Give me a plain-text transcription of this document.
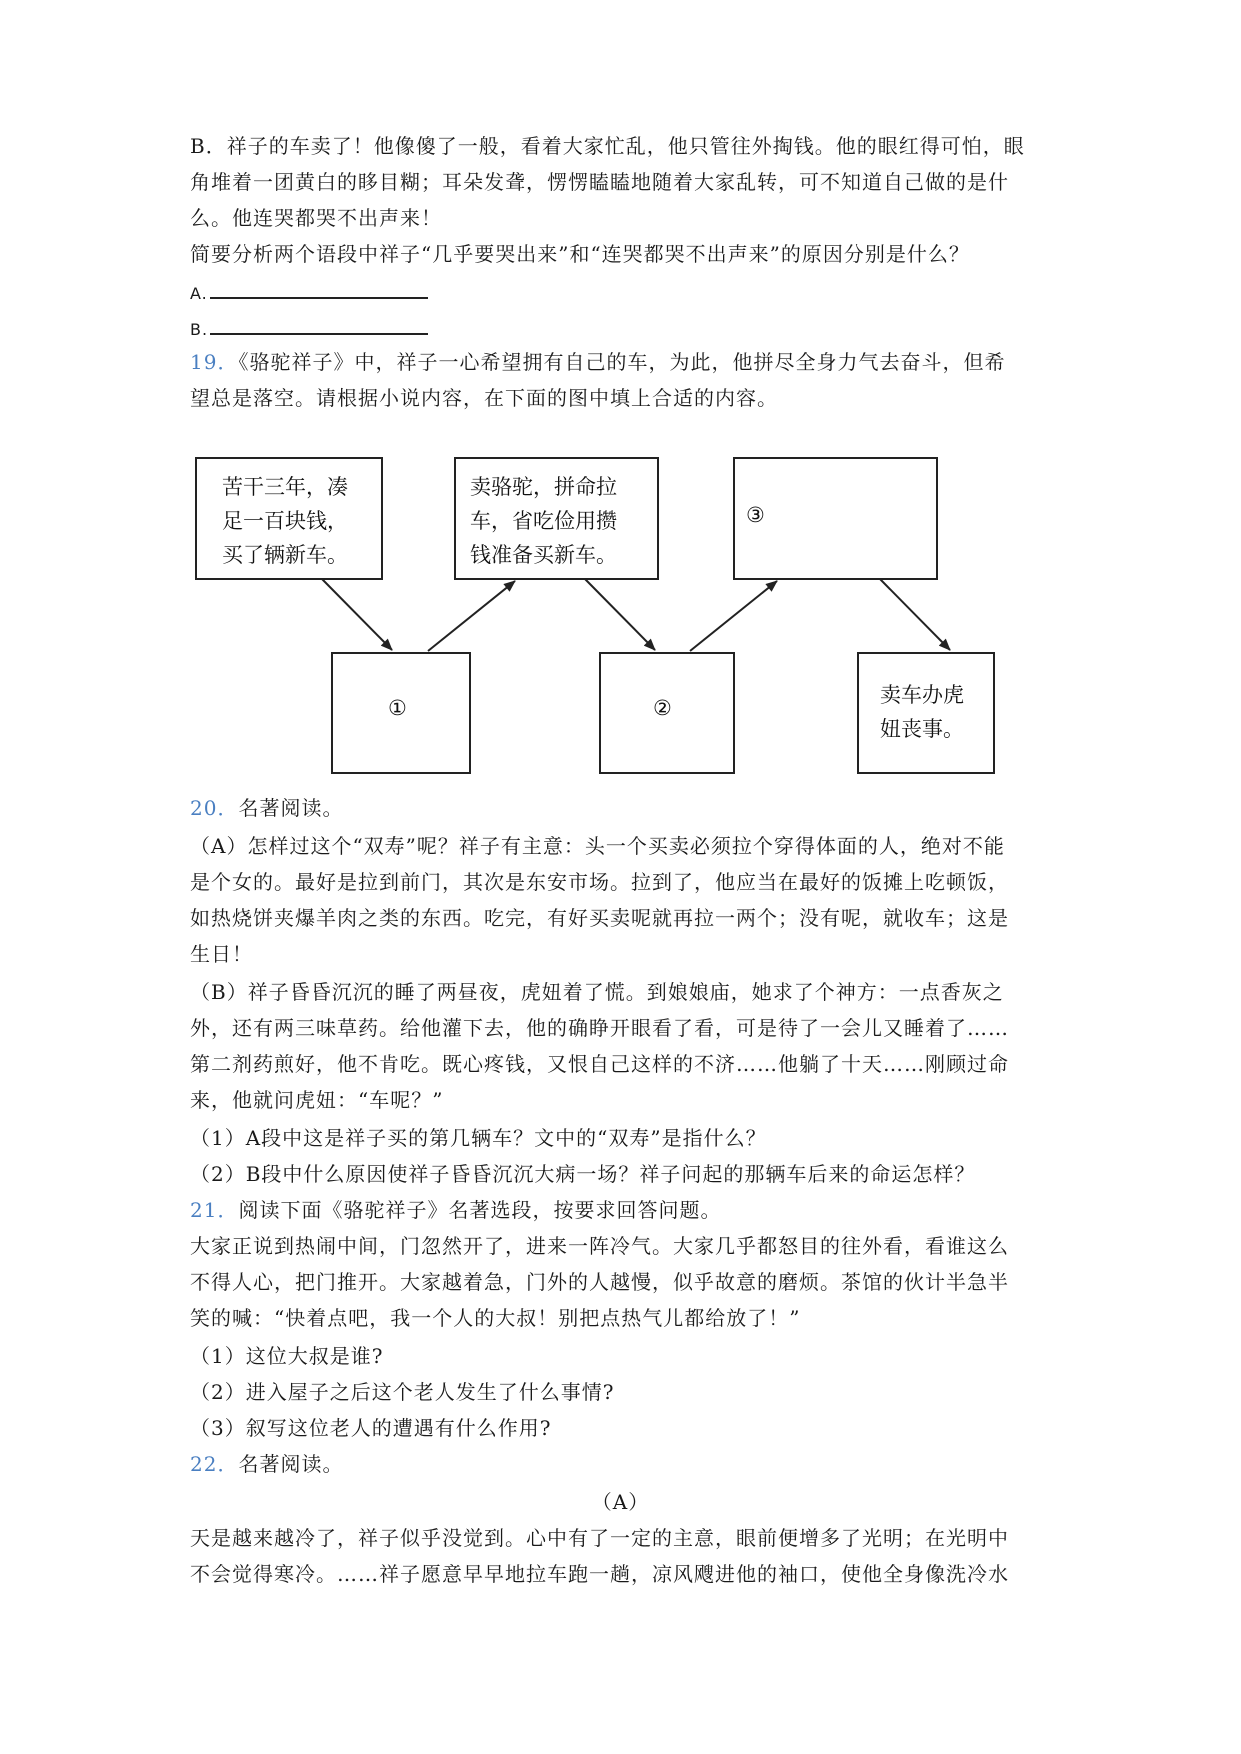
B．祥子的车卖了！他像傻了一般，看着大家忙乱，他只管往外掏钱。他的眼红得可怕，眼
角堆着一团黄白的眵目糊；耳朵发聋，愣愣瞌瞌地随着大家乱转，可不知道自己做的是什
么。他连哭都哭不出声来！
简要分析两个语段中祥子“几乎要哭出来”和“连哭都哭不出声来”的原因分别是什么？
A.
B.
19．《骆驼祥子》中，祥子一心希望拥有自己的车，为此，他拼尽全身力气去奋斗，但希
望总是落空。请根据小说内容，在下面的图中填上合适的内容。
苦干三年，凑
足一百块钱，
买了辆新车。
卖骆驼，拼命拉
车，省吃俭用攒
钱准备买新车。
③
①	②
卖车办虎
妞丧事。
20．名著阅读。
（A）怎样过这个“双寿”呢？祥子有主意：头一个买卖必须拉个穿得体面的人，绝对不能
是个女的。最好是拉到前门，其次是东安市场。拉到了，他应当在最好的饭摊上吃顿饭，
如热烧饼夹爆羊肉之类的东西。吃完，有好买卖呢就再拉一两个；没有呢，就收车；这是
生日！
（B）祥子昏昏沉沉的睡了两昼夜，虎妞着了慌。到娘娘庙，她求了个神方：一点香灰之
外，还有两三味草药。给他灌下去，他的确睁开眼看了看，可是待了一会儿又睡着了……
第二剂药煎好，他不肯吃。既心疼钱，又恨自己这样的不济……他躺了十天……刚顾过命
来，他就问虎妞：“车呢？”
（1）A段中这是祥子买的第几辆车？文中的“双寿”是指什么？
（2）B段中什么原因使祥子昏昏沉沉大病一场？祥子问起的那辆车后来的命运怎样？
21．阅读下面《骆驼祥子》名著选段，按要求回答问题。
大家正说到热闹中间，门忽然开了，进来一阵冷气。大家几乎都怒目的往外看，看谁这么
不得人心，把门推开。大家越着急，门外的人越慢，似乎故意的磨烦。茶馆的伙计半急半
笑的喊：“快着点吧，我一个人的大叔！别把点热气儿都给放了！”
（1）这位大叔是谁?
（2）进入屋子之后这个老人发生了什么事情?
（3）叙写这位老人的遭遇有什么作用?
22．名著阅读。
（A）
天是越来越冷了，祥子似乎没觉到。心中有了一定的主意，眼前便增多了光明；在光明中
不会觉得寒冷。……祥子愿意早早地拉车跑一趟，凉风飕进他的袖口，使他全身像洗冷水
